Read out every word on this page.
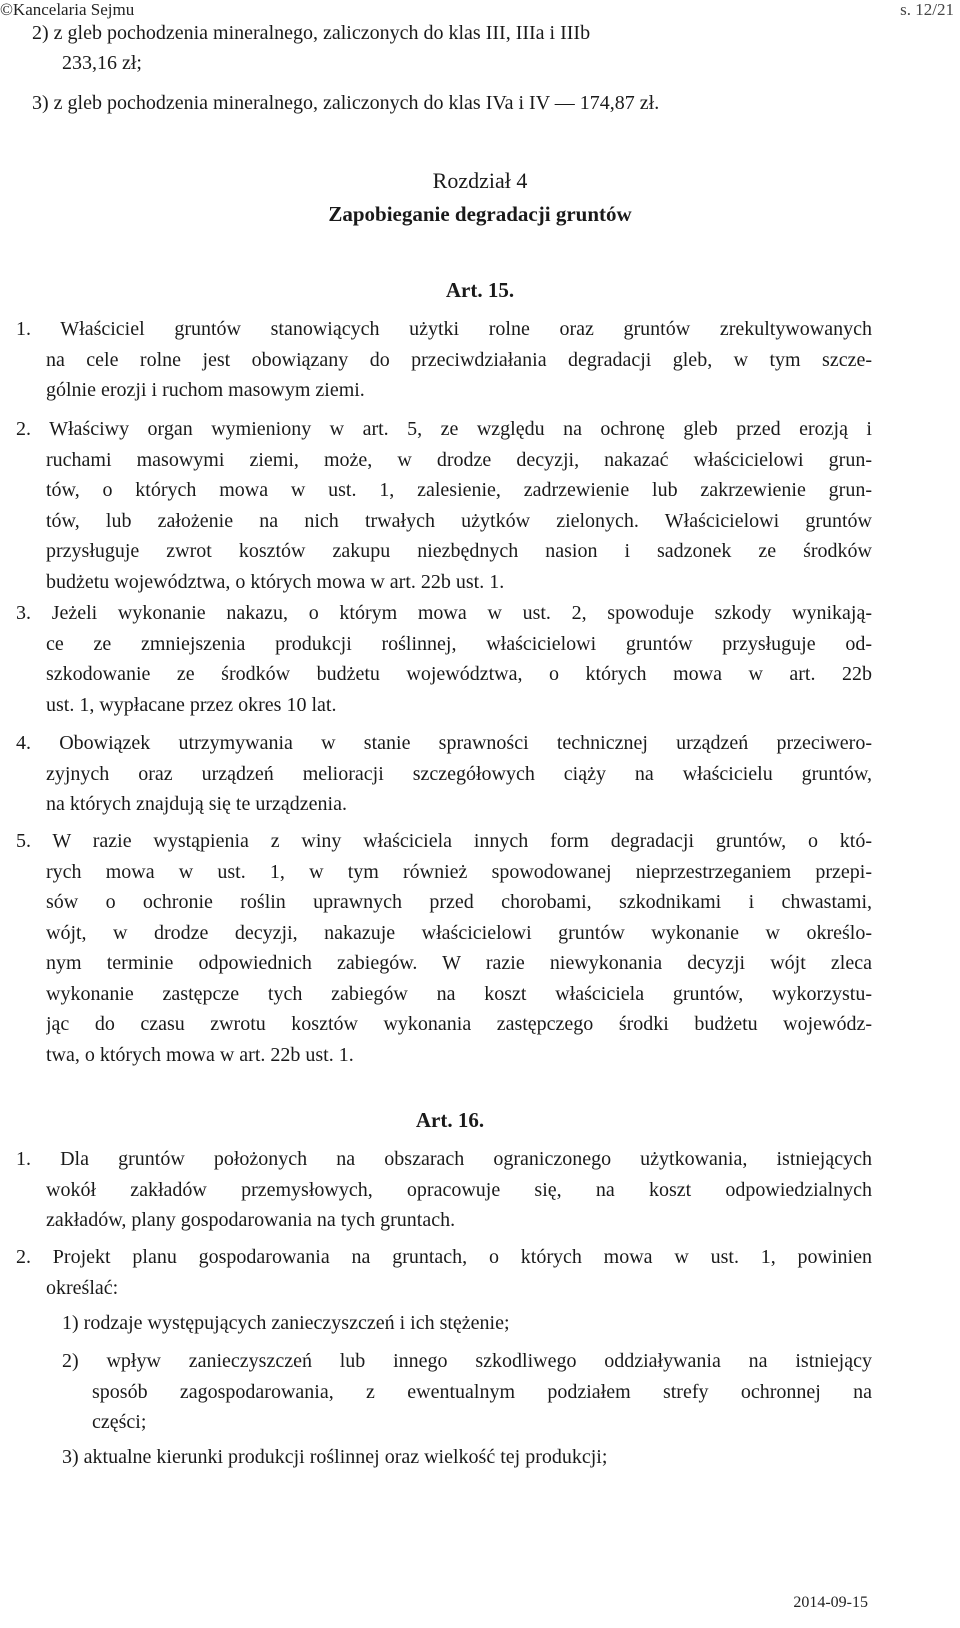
©Kancelaria Sejmu	s. 12/21
2) z gleb pochodzenia mineralnego, zaliczonych do klas III, IIIa i IIIb
233,16 zł;
3) z gleb pochodzenia mineralnego, zaliczonych do klas IVa i IV — 174,87 zł.
Rozdział 4
Zapobieganie degradacji gruntów
Art. 15.
1. Właściciel gruntów stanowiących użytki rolne oraz gruntów zrekultywowanych
na cele rolne jest obowiązany do przeciwdziałania degradacji gleb, w tym szcze-
gólnie erozji i ruchom masowym ziemi.
2. Właściwy organ wymieniony w art. 5, ze względu na ochronę gleb przed erozją i
ruchami masowymi ziemi, może, w drodze decyzji, nakazać właścicielowi grun-
tów, o których mowa w ust. 1, zalesienie, zadrzewienie lub zakrzewienie grun-
tów, lub założenie na nich trwałych użytków zielonych. Właścicielowi gruntów
przysługuje zwrot kosztów zakupu niezbędnych nasion i sadzonek ze środków
budżetu województwa, o których mowa w art. 22b ust. 1.
3. Jeżeli wykonanie nakazu, o którym mowa w ust. 2, spowoduje szkody wynikają-
ce ze zmniejszenia produkcji roślinnej, właścicielowi gruntów przysługuje od-
szkodowanie ze środków budżetu województwa, o których mowa w art. 22b
ust. 1, wypłacane przez okres 10 lat.
4. Obowiązek utrzymywania w stanie sprawności technicznej urządzeń przeciwero-
zyjnych oraz urządzeń melioracji szczegółowych ciąży na właścicielu gruntów,
na których znajdują się te urządzenia.
5. W razie wystąpienia z winy właściciela innych form degradacji gruntów, o któ-
rych mowa w ust. 1, w tym również spowodowanej nieprzestrzeganiem przepi-
sów o ochronie roślin uprawnych przed chorobami, szkodnikami i chwastami,
wójt, w drodze decyzji, nakazuje właścicielowi gruntów wykonanie w określo-
nym terminie odpowiednich zabiegów. W razie niewykonania decyzji wójt zleca
wykonanie zastępcze tych zabiegów na koszt właściciela gruntów, wykorzystu-
jąc do czasu zwrotu kosztów wykonania zastępczego środki budżetu wojewódz-
twa, o których mowa w art. 22b ust. 1.
Art. 16.
1. Dla gruntów położonych na obszarach ograniczonego użytkowania, istniejących
wokół zakładów przemysłowych, opracowuje się, na koszt odpowiedzialnych
zakładów, plany gospodarowania na tych gruntach.
2. Projekt planu gospodarowania na gruntach, o których mowa w ust. 1, powinien
określać:
1) rodzaje występujących zanieczyszczeń i ich stężenie;
2) wpływ zanieczyszczeń lub innego szkodliwego oddziaływania na istniejący
sposób zagospodarowania, z ewentualnym podziałem strefy ochronnej na
części;
3) aktualne kierunki produkcji roślinnej oraz wielkość tej produkcji;
2014-09-15
